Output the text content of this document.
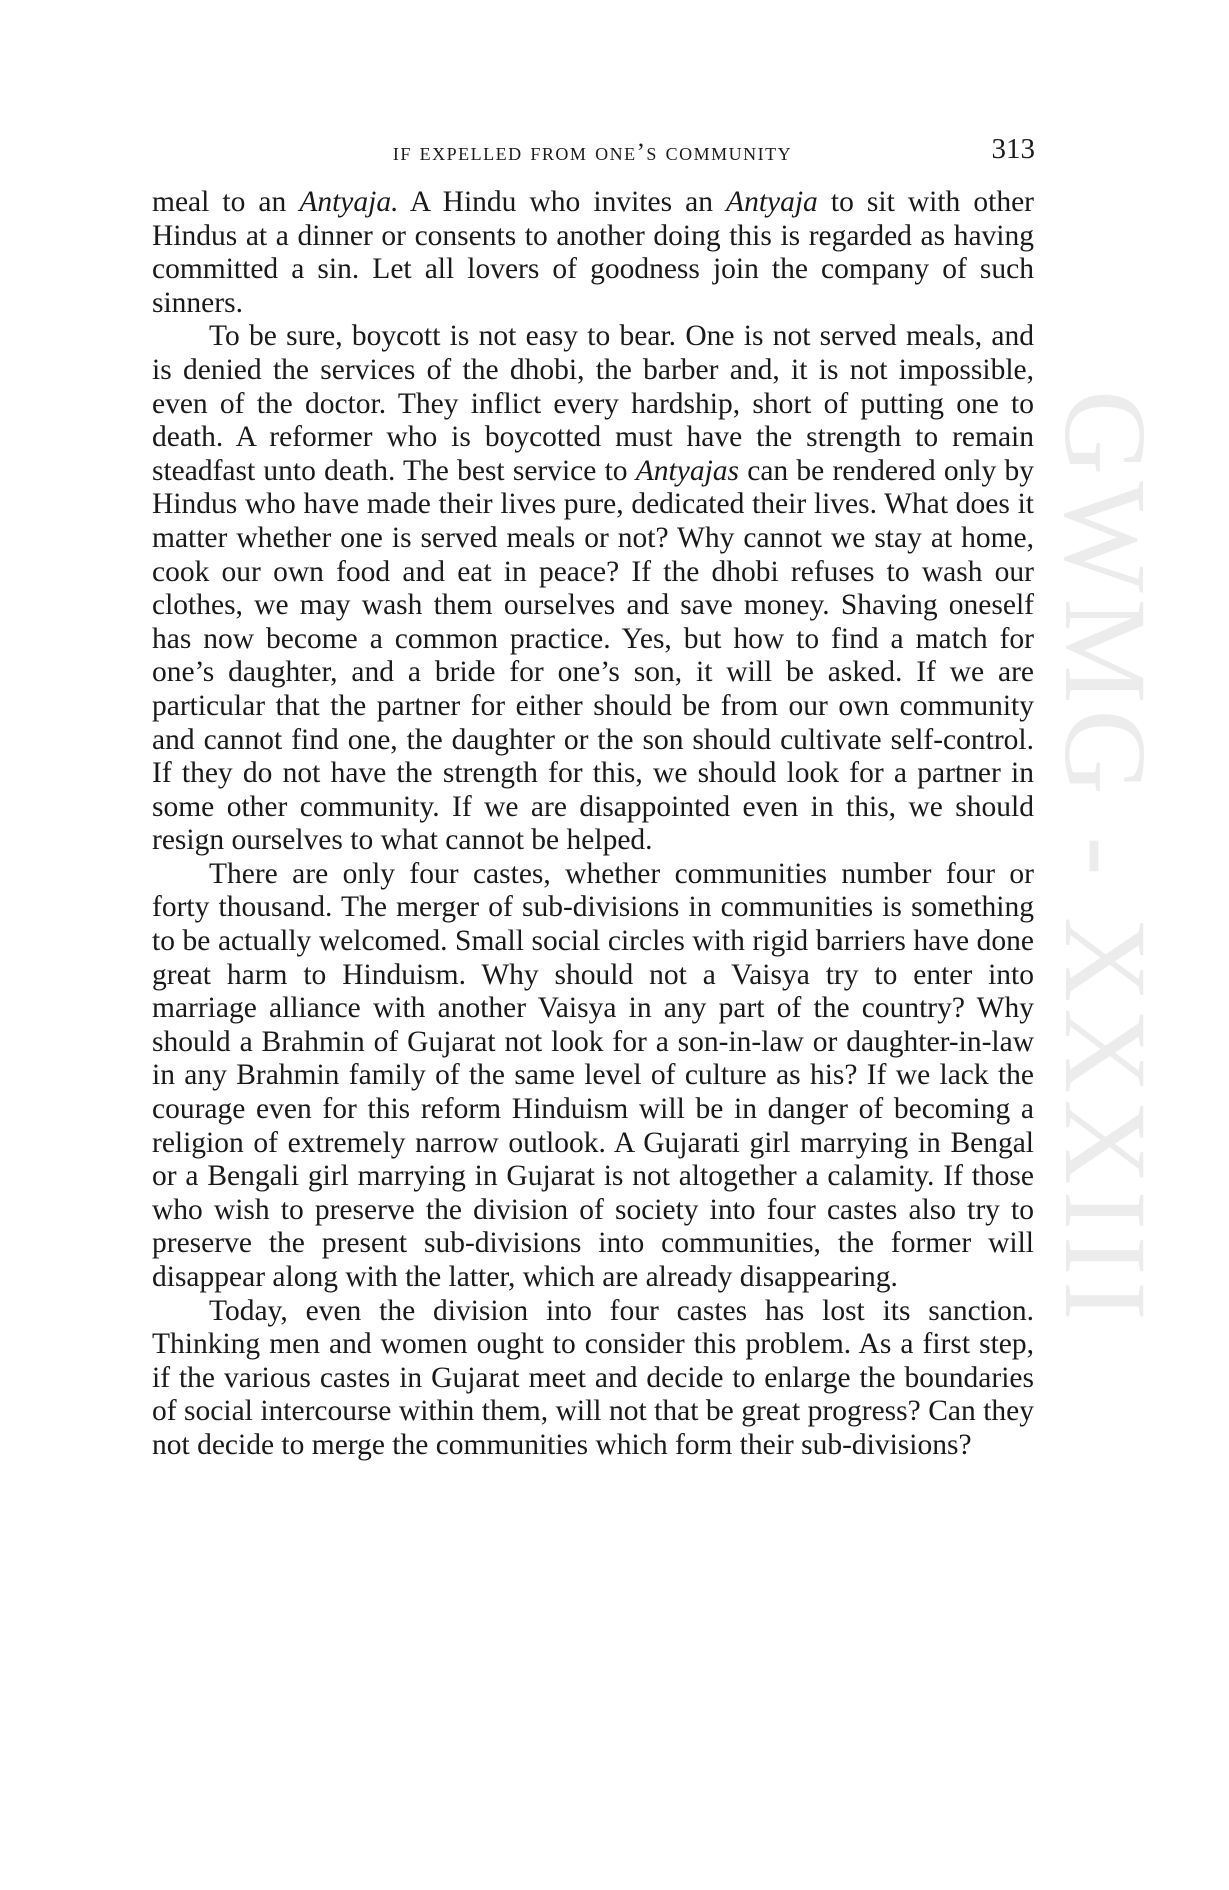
GWMG - XXXIII
if expelled from one’s community	313

meal to an Antyaja. A Hindu who invites an Antyaja to sit with other Hindus at a dinner or consents to another doing this is regarded as having committed a sin. Let all lovers of goodness join the company of such sinners.

To be sure, boycott is not easy to bear. One is not served meals, and is denied the services of the dhobi, the barber and, it is not impossible, even of the doctor. They inflict every hardship, short of putting one to death. A reformer who is boycotted must have the strength to remain steadfast unto death. The best service to Antyajas can be rendered only by Hindus who have made their lives pure, dedicated their lives. What does it matter whether one is served meals or not? Why cannot we stay at home, cook our own food and eat in peace? If the dhobi refuses to wash our clothes, we may wash them ourselves and save money. Shaving oneself has now become a common practice. Yes, but how to find a match for one’s daughter, and a bride for one’s son, it will be asked. If we are particular that the partner for either should be from our own community and cannot find one, the daughter or the son should cultivate self-control. If they do not have the strength for this, we should look for a partner in some other community. If we are disappointed even in this, we should resign ourselves to what cannot be helped.

There are only four castes, whether communities number four or forty thousand. The merger of sub-divisions in communities is something to be actually welcomed. Small social circles with rigid barriers have done great harm to Hinduism. Why should not a Vaisya try to enter into marriage alliance with another Vaisya in any part of the country? Why should a Brahmin of Gujarat not look for a son-in-law or daughter-in-law in any Brahmin family of the same level of culture as his? If we lack the courage even for this reform Hinduism will be in danger of becoming a religion of extremely narrow outlook. A Gujarati girl marrying in Bengal or a Bengali girl marrying in Gujarat is not altogether a calamity. If those who wish to preserve the division of society into four castes also try to preserve the present sub-divisions into communities, the former will disappear along with the latter, which are already disappearing.

Today, even the division into four castes has lost its sanction. Thinking men and women ought to consider this problem. As a first step, if the various castes in Gujarat meet and decide to enlarge the boundaries of social intercourse within them, will not that be great progress? Can they not decide to merge the communities which form their sub-divisions?
